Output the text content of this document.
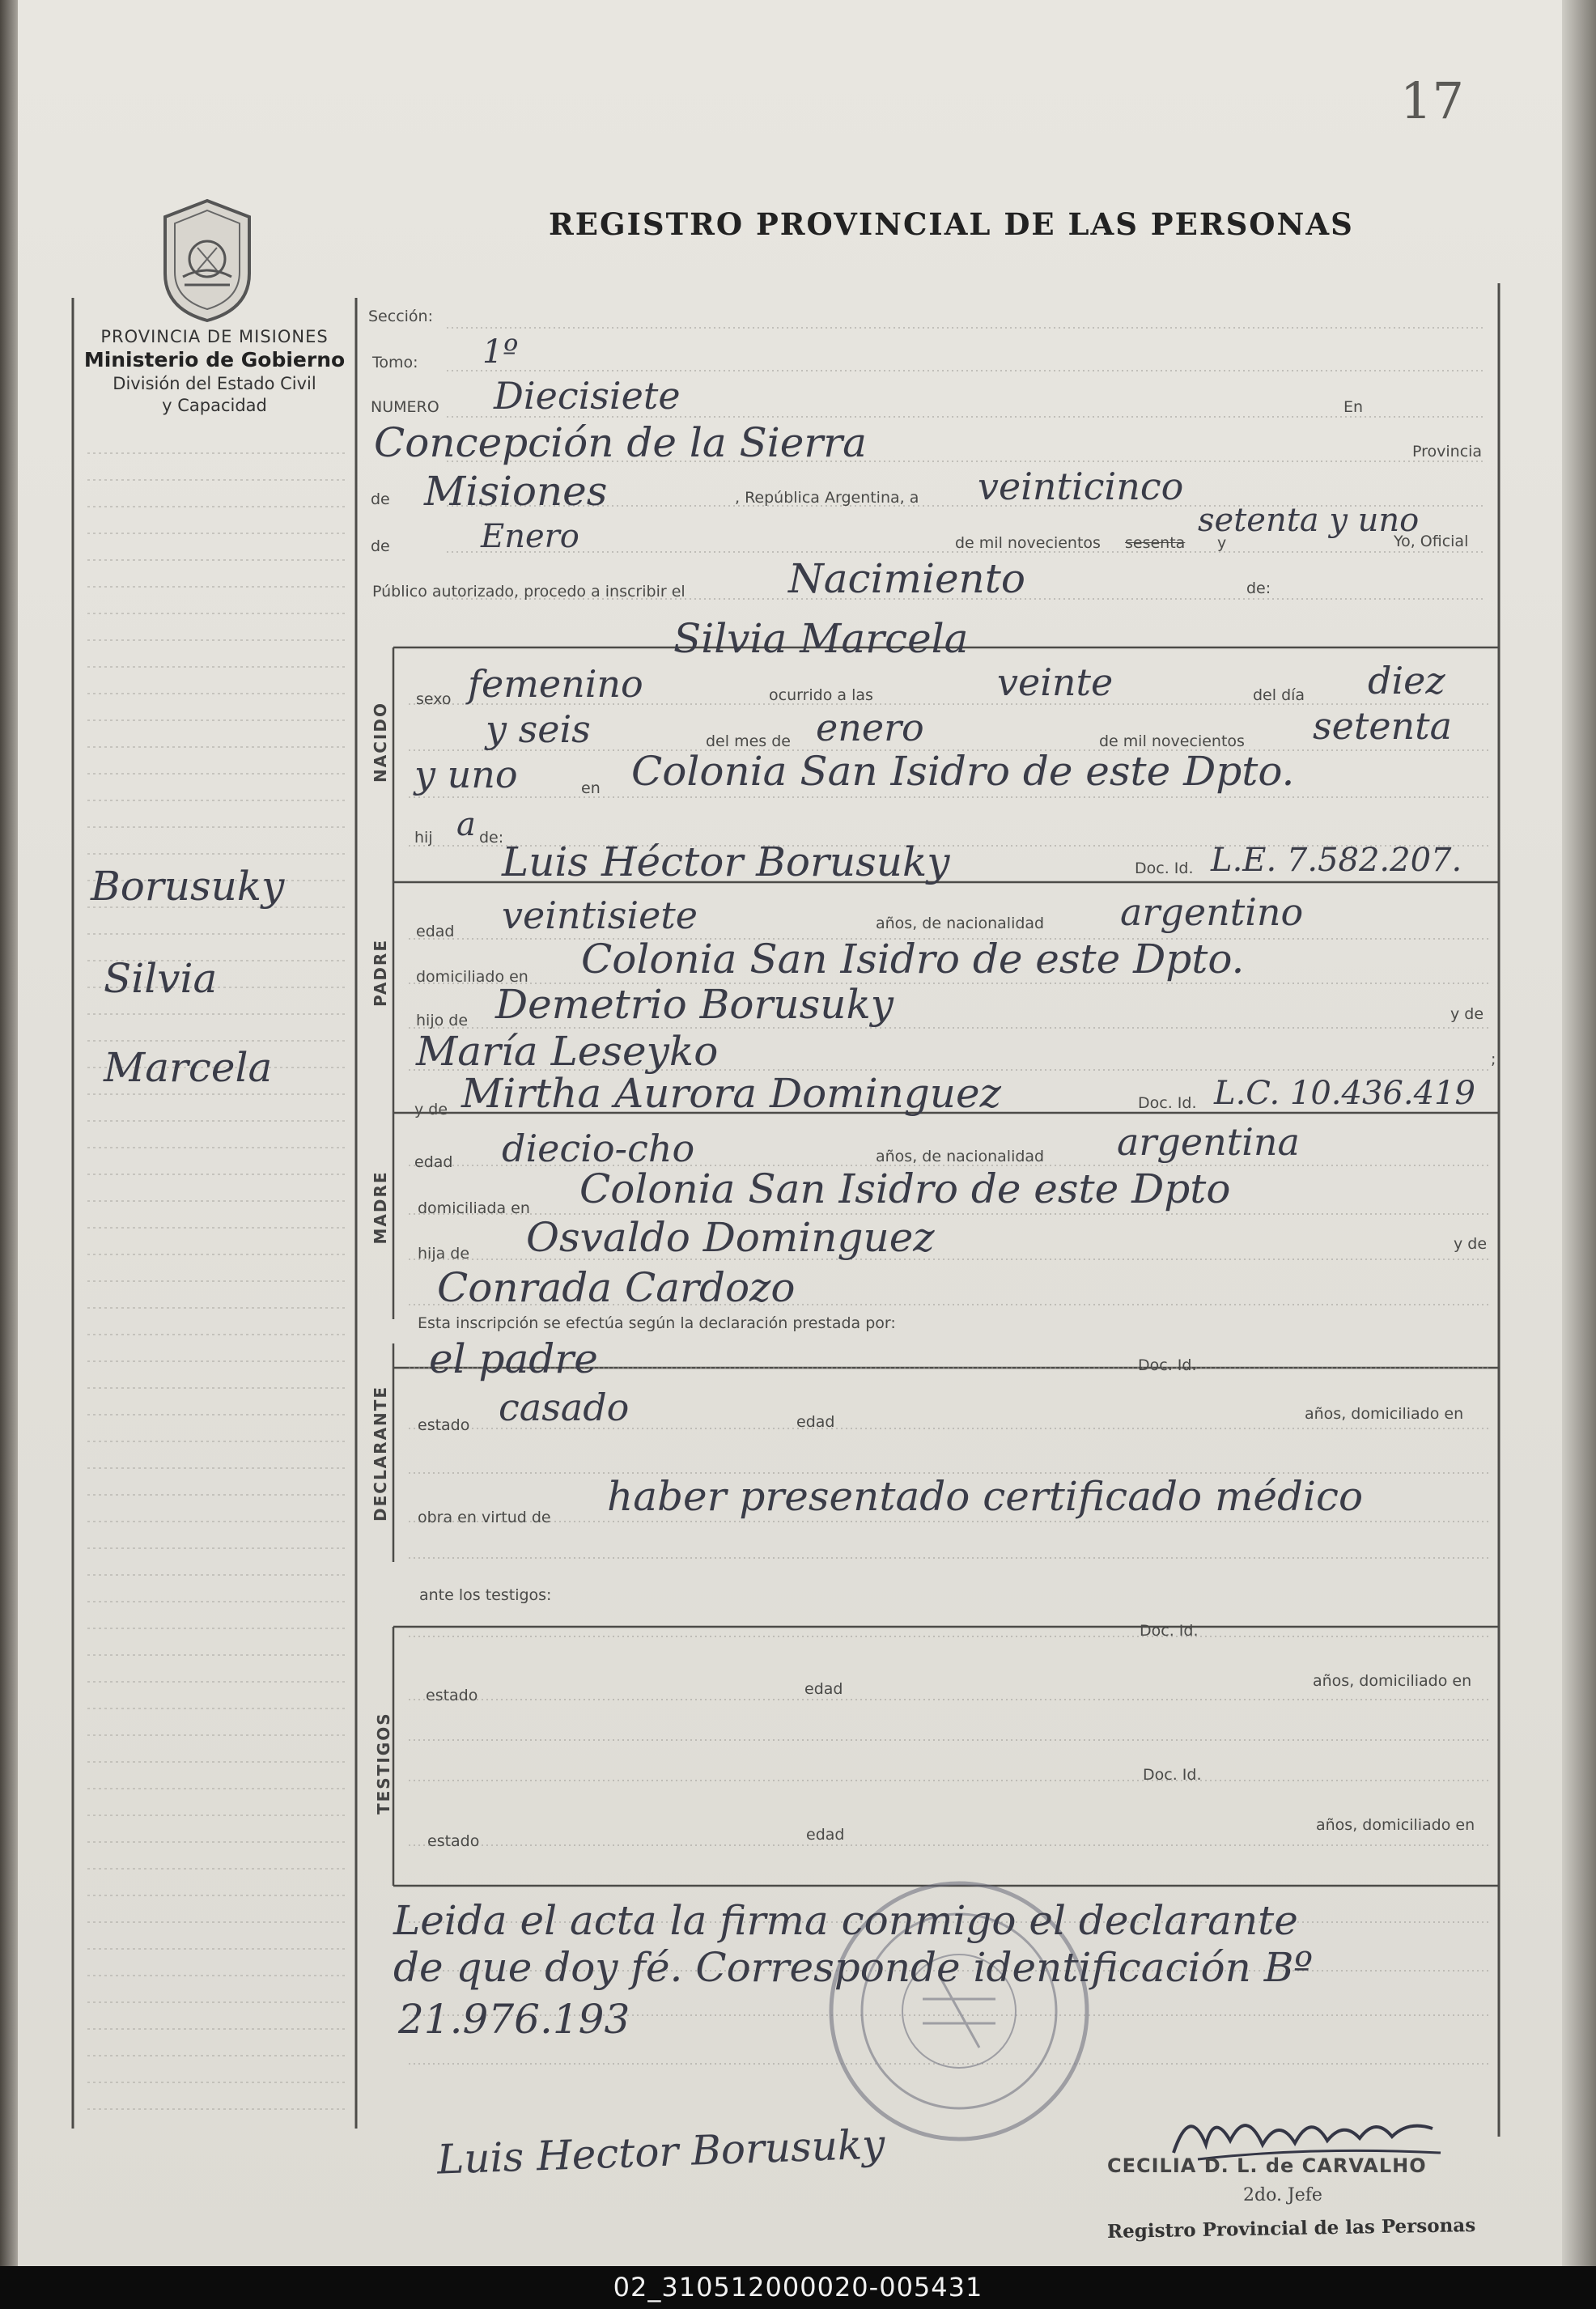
17
REGISTRO PROVINCIAL DE LAS PERSONAS
PROVINCIA DE MISIONES
Ministerio de Gobierno
División del Estado Civil
y Capacidad
Borusuky
Silvia
Marcela
Sección:
Tomo:
NUMERO	En
Provincia
de	, República Argentina, a
de	de mil novecientos sesenta y	Yo, Oficial
Público autorizado, procedo a inscribir el	de:
1º
Diecisiete
Concepción de la Sierra
Misiones	veinticinco
Enero	setenta y uno
Nacimiento
NACIDO
PADRE
MADRE
DECLARANTE
TESTIGOS
Silvia Marcela
sexo femenino	ocurrido a las	veinte	del día diez
y seis	del mes de enero	de mil novecientos setenta
y uno	en Colonia San Isidro de este Dpto.
hij a de:
Luis Héctor Borusuky	Doc. Id. L.E. 7.582.207.
edad veintisiete	años, de nacionalidad argentino
domiciliado en Colonia San Isidro de este Dpto.
hijo de Demetrio Borusuky	y de
María Leseyko	;
y de Mirtha Aurora Dominguez	Doc. Id. L.C. 10.436.419
edad diecio-cho	años, de nacionalidad argentina
domiciliada en Colonia San Isidro de este Dpto
hija de Osvaldo Dominguez	y de
Conrada Cardozo
Esta inscripción se efectúa según la declaración prestada por:
el padre	Doc. Id.
estado casado	edad	años, domiciliado en
obra en virtud de haber presentado certificado médico
ante los testigos:
Doc. Id.
estado	edad	años, domiciliado en
Doc. Id.
estado	edad
años, domiciliado en
Leida el acta la firma conmigo el declarante
de que doy fé. Corresponde identificación Bº
21.976.193
Luis Hector Borusuky	CECILIA D. L. de CARVALHO
2do. Jefe
Registro Provincial de las Personas
02_310512000020-005431
